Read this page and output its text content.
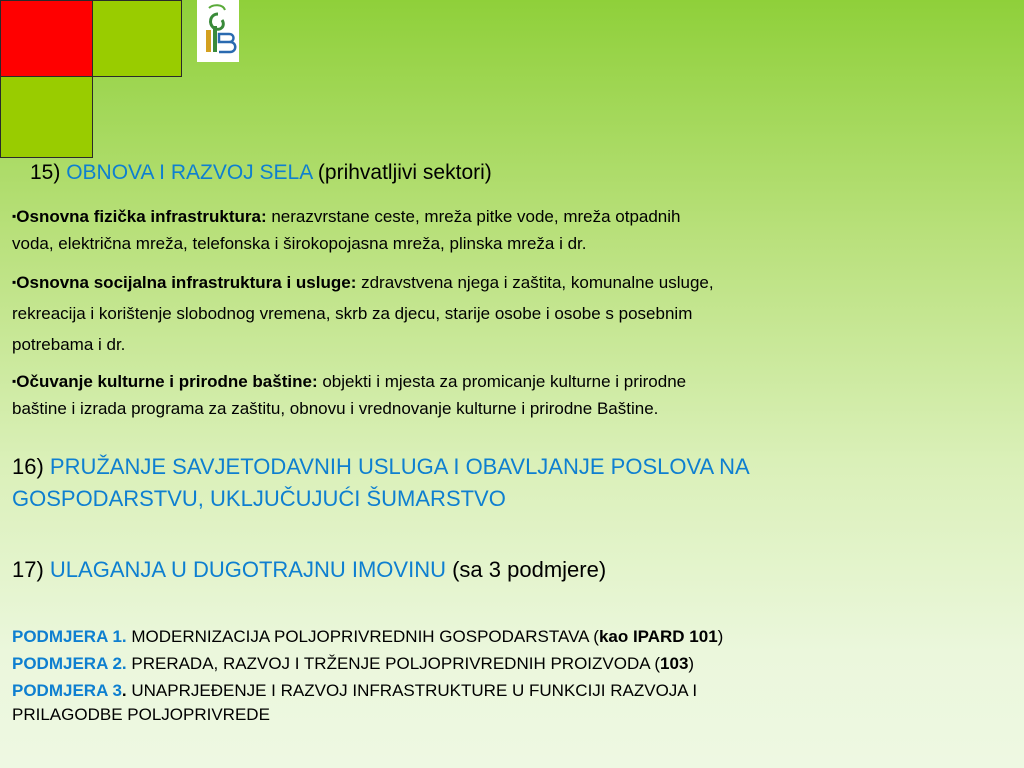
15) OBNOVA I RAZVOJ SELA (prihvatljivi sektori)
▪Osnovna fizička infrastruktura: nerazvrstane ceste, mreža pitke vode, mreža otpadnih
voda, električna mreža, telefonska i širokopojasna mreža, plinska mreža i dr.
▪Osnovna socijalna infrastruktura i usluge: zdravstvena njega i zaštita, komunalne usluge,
rekreacija i korištenje slobodnog vremena, skrb za djecu, starije osobe i osobe s posebnim
potrebama i dr.
▪Očuvanje kulturne i prirodne baštine: objekti i mjesta za promicanje kulturne i prirodne
baštine i izrada programa za zaštitu, obnovu i vrednovanje kulturne i prirodne Baštine.
16) PRUŽANJE SAVJETODAVNIH USLUGA I OBAVLJANJE POSLOVA NA
GOSPODARSTVU, UKLJUČUJUĆI ŠUMARSTVO
17) ULAGANJA U DUGOTRAJNU IMOVINU (sa 3 podmjere)
PODMJERA 1. MODERNIZACIJA POLJOPRIVREDNIH GOSPODARSTAVA (kao IPARD 101)
PODMJERA 2. PRERADA, RAZVOJ I TRŽENJE POLJOPRIVREDNIH PROIZVODA (103)
PODMJERA 3. UNAPRJEĐENJE I RAZVOJ INFRASTRUKTURE U FUNKCIJI RAZVOJA I
PRILAGODBE POLJOPRIVREDE
